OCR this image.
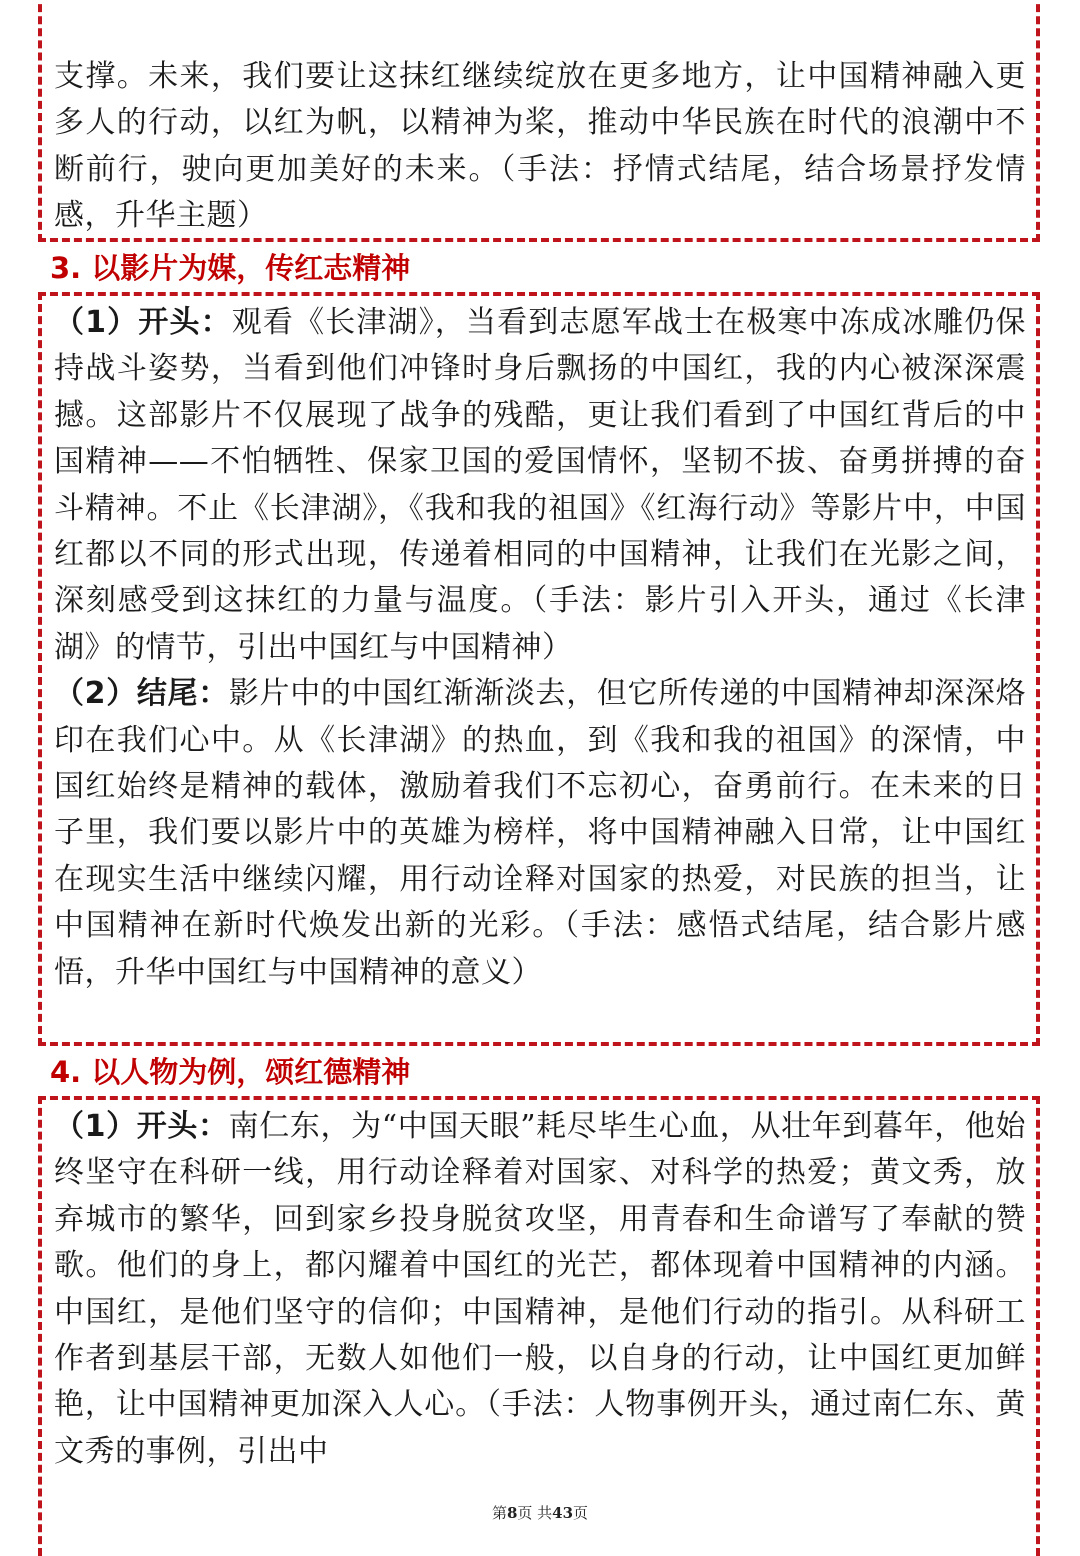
支撑。未来，我们要让这抹红继续绽放在更多地方，让中国精神融入更多人的行动，以红为帆，以精神为桨，推动中华民族在时代的浪潮中不断前行，驶向更加美好的未来。（手法：抒情式结尾，结合场景抒发情感，升华主题）

3. 以影片为媒，传红志精神

（1）开头：观看《长津湖》，当看到志愿军战士在极寒中冻成冰雕仍保持战斗姿势，当看到他们冲锋时身后飘扬的中国红，我的内心被深深震撼。这部影片不仅展现了战争的残酷，更让我们看到了中国红背后的中国精神——不怕牺牲、保家卫国的爱国情怀，坚韧不拔、奋勇拼搏的奋斗精神。不止《长津湖》，《我和我的祖国》《红海行动》等影片中，中国红都以不同的形式出现，传递着相同的中国精神，让我们在光影之间，深刻感受到这抹红的力量与温度。（手法：影片引入开头，通过《长津湖》的情节，引出中国红与中国精神）

（2）结尾：影片中的中国红渐渐淡去，但它所传递的中国精神却深深烙印在我们心中。从《长津湖》的热血，到《我和我的祖国》的深情，中国红始终是精神的载体，激励着我们不忘初心，奋勇前行。在未来的日子里，我们要以影片中的英雄为榜样，将中国精神融入日常，让中国红在现实生活中继续闪耀，用行动诠释对国家的热爱，对民族的担当，让中国精神在新时代焕发出新的光彩。（手法：感悟式结尾，结合影片感悟，升华中国红与中国精神的意义）

4. 以人物为例，颂红德精神

（1）开头：南仁东，为“中国天眼”耗尽毕生心血，从壮年到暮年，他始终坚守在科研一线，用行动诠释着对国家、对科学的热爱；黄文秀，放弃城市的繁华，回到家乡投身脱贫攻坚，用青春和生命谱写了奉献的赞歌。他们的身上，都闪耀着中国红的光芒，都体现着中国精神的内涵。中国红，是他们坚守的信仰；中国精神，是他们行动的指引。从科研工作者到基层干部，无数人如他们一般，以自身的行动，让中国红更加鲜艳，让中国精神更加深入人心。（手法：人物事例开头，通过南仁东、黄文秀的事例，引出中

第8页 共43页
